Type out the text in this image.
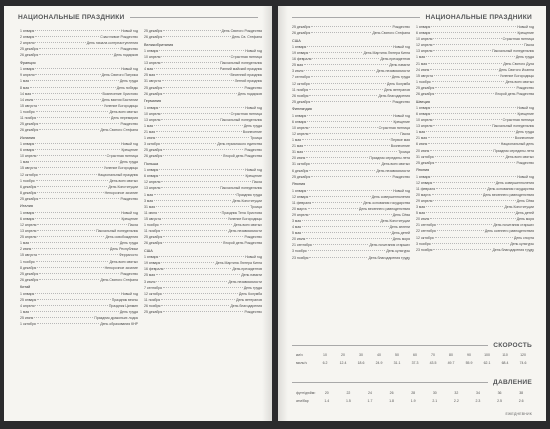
НАЦИОНАЛЬНЫЕ ПРАЗДНИКИ
1 января	Новый год
2 января	Счастливое Рождество
2 апреля	День начала контрнаступления
25 декабря	Рождество
26 декабря	День подарков
Франция
1 января	Новый год
9 апреля	День Святого Патрика
1 мая	День труда
8 мая	День победы
14 мая	Вознесение Христово
14 июля	День взятия Бастилии
15 августа	Успение Богородицы
1 ноября	День всех святых
11 ноября	День перемирия
25 декабря	Рождество
26 декабря	День Святого Стефана
Испания
1 января	Новый год
6 января	Крещение
10 апреля	Страстная пятница
1 мая	День труда
15 августа	Успение Богородицы
12 октября	Национальный праздник
1 ноября	День всех святых
6 декабря	День Конституции
8 декабря	Непорочное зачатие
25 декабря	Рождество
Италия
1 января	Новый год
6 января	Крещение
12 апреля	Пасха
13 апреля	Пасхальный понедельник
25 апреля	День освобождения
1 мая	День труда
2 июня	День Республики
15 августа	Феррагосто
1 ноября	День всех святых
8 декабря	Непорочное зачатие
25 декабря	Рождество
26 декабря	День Святого Стефана
Китай
1 января	Новый год
25 января	Праздник весны
4 апреля	Праздник Цинмин
1 мая	День труда
25 июня	Праздник драконьих лодок
1 октября	День образования КНР
25 декабря	День Святого Рождества
26 декабря	День Св. Стефана
Великобритания
1 января	Новый год
10 апреля	Страстная пятница
13 апреля	Пасхальный понедельник
4 мая	Ранний майский праздник
25 мая	Весенний праздник
31 августа	Летний праздник
25 декабря	Рождество
26 декабря	День подарков
Германия
1 января	Новый год
10 апреля	Страстная пятница
13 апреля	Пасхальный понедельник
1 мая	День труда
21 мая	Вознесение
1 июня	Троица
3 октября	День германского единства
25 декабря	Рождество
26 декабря	Второй день Рождества
Польша
1 января	Новый год
6 января	Крещение
12 апреля	Пасха
13 апреля	Пасхальный понедельник
1 мая	Праздник труда
3 мая	День Конституции
31 мая	Троица
11 июня	Праздник Тела Христова
15 августа	Успение Богородицы
1 ноября	День всех святых
11 ноября	День независимости
25 декабря	Рождество
26 декабря	Второй день Рождества
США
1 января	Новый год
19 января	День Мартина Лютера Кинга
16 февраля	День президентов
25 мая	День памяти
3 июля	День независимости
7 сентября	День труда
12 октября	День Колумба
11 ноября	День ветеранов
26 ноября	День благодарения
25 декабря	Рождество
НАЦИОНАЛЬНЫЕ ПРАЗДНИКИ
25 декабря	Рождество
26 декабря	День Святого Стефана
США
1 января	Новый год
19 января	День Мартина Лютера Кинга
16 февраля	День президентов
25 мая	День памяти
3 июля	День независимости
7 сентября	День труда
12 октября	День Колумба
11 ноября	День ветеранов
26 ноября	День благодарения
25 декабря	Рождество
Финляндия
1 января	Новый год
6 января	Крещение
10 апреля	Страстная пятница
12 апреля	Пасха
1 мая	Первое мая
21 мая	Вознесение
31 мая	Троица
20 июня	Праздник середины лета
31 октября	День всех святых
6 декабря	День независимости
25 декабря	Рождество
Япония
1 января	Новый год
12 января	День совершеннолетия
11 февраля	День основания государства
20 марта	День весеннего равноденствия
29 апреля	День Сёва
3 мая	День Конституции
4 мая	День зелени
5 мая	День детей
20 июля	День моря
21 сентября	День почитания старших
3 ноября	День культуры
23 ноября	День благодарения труду
1 января	Новый год
6 января	Крещение
10 апреля	Страстная пятница
12 апреля	Пасха
13 апреля	Пасхальный понедельник
1 мая	День труда
21 мая	День Святого Духа
24 июня	День Святого Иоанна
15 августа	Успение Богородицы
1 ноября	День всех святых
25 декабря	Рождество
26 декабря	Второй день Рождества
Швеция
1 января	Новый год
6 января	Крещение
10 апреля	Страстная пятница
13 апреля	Пасхальный понедельник
1 мая	День труда
21 мая	Вознесение
6 июня	Национальный день
20 июня	Праздник середины лета
31 октября	День всех святых
25 декабря	Рождество
Япония
1 января	Новый год
12 января	День совершеннолетия
11 февраля	День основания государства
20 марта	День весеннего равноденствия
29 апреля	День Сёва
3 мая	День Конституции
5 мая	День детей
20 июля	День моря
21 сентября	День почитания старших
22 сентября	День осеннего равноденствия
12 октября	День спорта
3 ноября	День культуры
23 ноября	День благодарения труду
СКОРОСТЬ
км/ч	10	20	30	40	50	60	70	80	90	100	110	120
миль/ч	6.2	12.4	18.6	24.9	31.1	37.3	43.5	49.7	55.9	62.1	68.4	74.6
ДАВЛЕНИЕ
фунт/дюйм²	20	22	24	26	28	30	32	34	36	38
атм/бар	1.4	1.5	1.7	1.8	1.9	2.1	2.2	2.3	2.5	2.6
ЕЖЕДНЕВНИК
